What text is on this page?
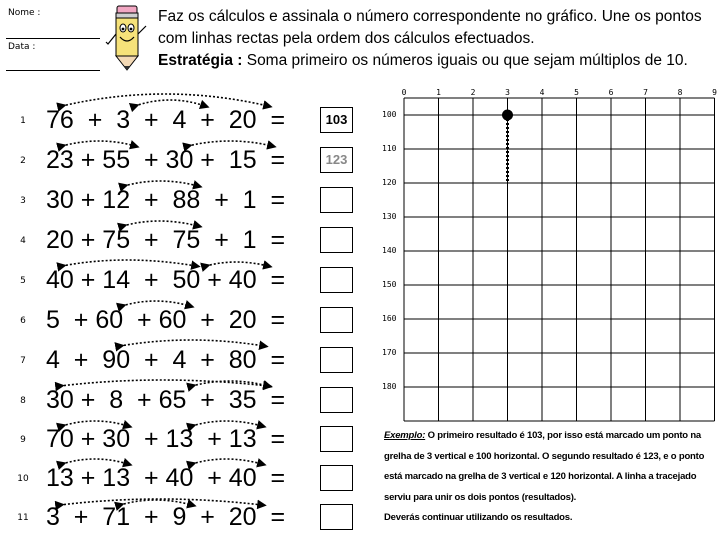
Nome :
Data :
Faz os cálculos e assinala o número correspondente no gráfico. Une os pontos
com linhas rectas pela ordem dos cálculos efectuados.
Estratégia : Soma primeiro os números iguais ou que sejam múltiplos de 10.
1 76  +  3  +  4  +  20  =	103
2 23 + 55  + 30 +  15  =	123
3 30 + 12  +  88  +  1  =
4 20 + 75  +  75  +  1  =
5 40 + 14  +  50 + 40  =
6 5  + 60  + 60  +  20  =
7 4  +  90  +  4  +  80  =
8 30 +  8  + 65  +  35  =
9 70 + 30  + 13  + 13  =
10 13 + 13  + 40  + 40  =
11 3  +  71  +  9  +  20  =
0	1	2	3	4	5	6	7	8	9
100
110
120
130
140
150
160
170
180
Exemplo: O primeiro resultado é 103, por isso está marcado um ponto na
grelha de 3 vertical e 100 horizontal. O segundo resultado é 123, e o ponto
está marcado na grelha de 3 vertical e 120 horizontal. A linha a tracejado
serviu para unir os dois pontos (resultados).
Deverás continuar utilizando os resultados.
